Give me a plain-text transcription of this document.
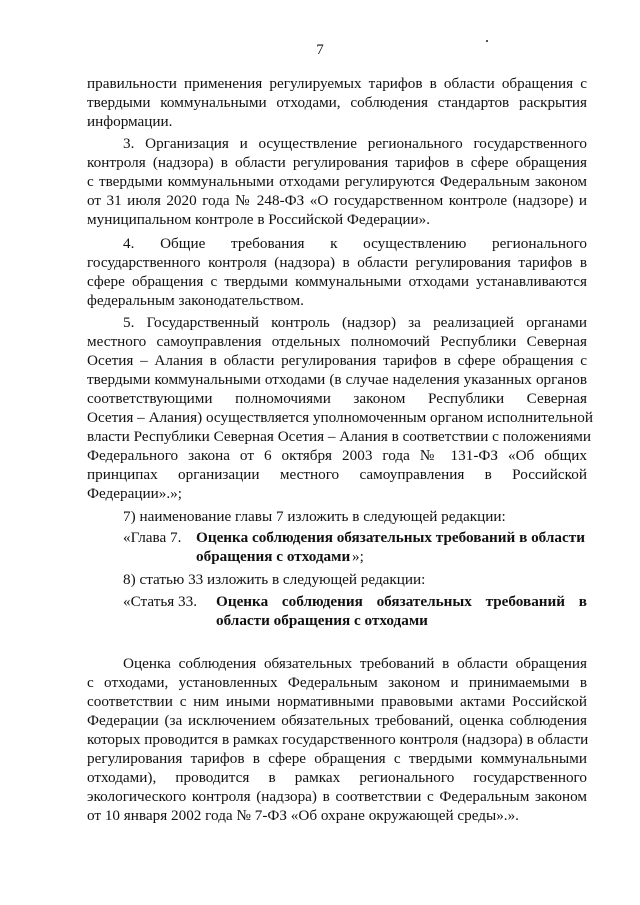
7
правильности применения регулируемых тарифов в области обращения с
твердыми коммунальными отходами, соблюдения стандартов раскрытия
информации.
3. Организация и осуществление регионального государственного
контроля (надзора) в области регулирования тарифов в сфере обращения
с твердыми коммунальными отходами регулируются Федеральным законом
от 31 июля 2020 года № 248-ФЗ «О государственном контроле (надзоре) и
муниципальном контроле в Российской Федерации».
4. Общие требования к осуществлению регионального
государственного контроля (надзора) в области регулирования тарифов в
сфере обращения с твердыми коммунальными отходами устанавливаются
федеральным законодательством.
5. Государственный контроль (надзор) за реализацией органами
местного самоуправления отдельных полномочий Республики Северная
Осетия – Алания в области регулирования тарифов в сфере обращения с
твердыми коммунальными отходами (в случае наделения указанных органов
соответствующими полномочиями законом Республики Северная
Осетия – Алания) осуществляется уполномоченным органом исполнительной
власти Республики Северная Осетия – Алания в соответствии с положениями
Федерального закона от 6 октября 2003 года № 131-ФЗ «Об общих
принципах организации местного самоуправления в Российской
Федерации».»;
7) наименование главы 7 изложить в следующей редакции:
«Глава 7. Оценка соблюдения обязательных требований в области
обращения с отходами »;
8) статью 33 изложить в следующей редакции:
«Статья 33. Оценка соблюдения обязательных требований в
области обращения с отходами
Оценка соблюдения обязательных требований в области обращения
с отходами, установленных Федеральным законом и принимаемыми в
соответствии с ним иными нормативными правовыми актами Российской
Федерации (за исключением обязательных требований, оценка соблюдения
которых проводится в рамках государственного контроля (надзора) в области
регулирования тарифов в сфере обращения с твердыми коммунальными
отходами), проводится в рамках регионального государственного
экологического контроля (надзора) в соответствии с Федеральным законом
от 10 января 2002 года № 7-ФЗ «Об охране окружающей среды».».
